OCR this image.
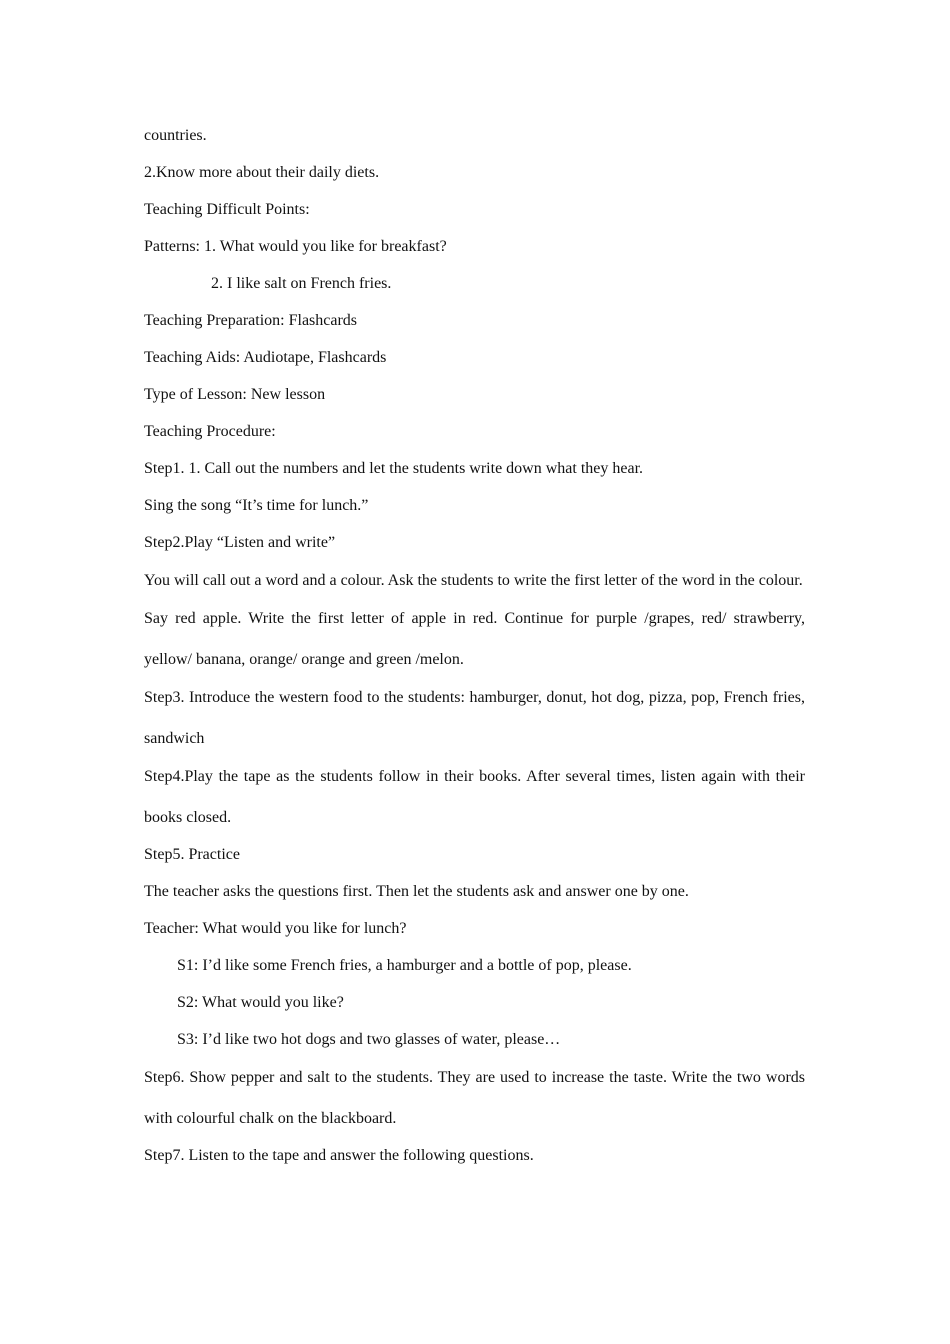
countries.
2.Know more about their daily diets.
Teaching Difficult Points:
Patterns: 1. What would you like for breakfast?
2. I like salt on French fries.
Teaching Preparation: Flashcards
Teaching Aids: Audiotape, Flashcards
Type of Lesson: New lesson
Teaching Procedure:
Step1. 1. Call out the numbers and let the students write down what they hear.
Sing the song “It’s time for lunch.”
Step2.Play “Listen and write”
You will call out a word and a colour. Ask the students to write the first letter of the word in the colour.
Say red apple. Write the first letter of apple in red. Continue for purple /grapes, red/ strawberry, yellow/ banana, orange/ orange and green /melon.
Step3. Introduce the western food to the students: hamburger, donut, hot dog, pizza, pop, French fries, sandwich
Step4.Play the tape as the students follow in their books. After several times, listen again with their books closed.
Step5. Practice
The teacher asks the questions first. Then let the students ask and answer one by one.
Teacher: What would you like for lunch?
S1: I’d like some French fries, a hamburger and a bottle of pop, please.
S2: What would you like?
S3: I’d like two hot dogs and two glasses of water, please…
Step6. Show pepper and salt to the students. They are used to increase the taste. Write the two words with colourful chalk on the blackboard.
Step7. Listen to the tape and answer the following questions.
